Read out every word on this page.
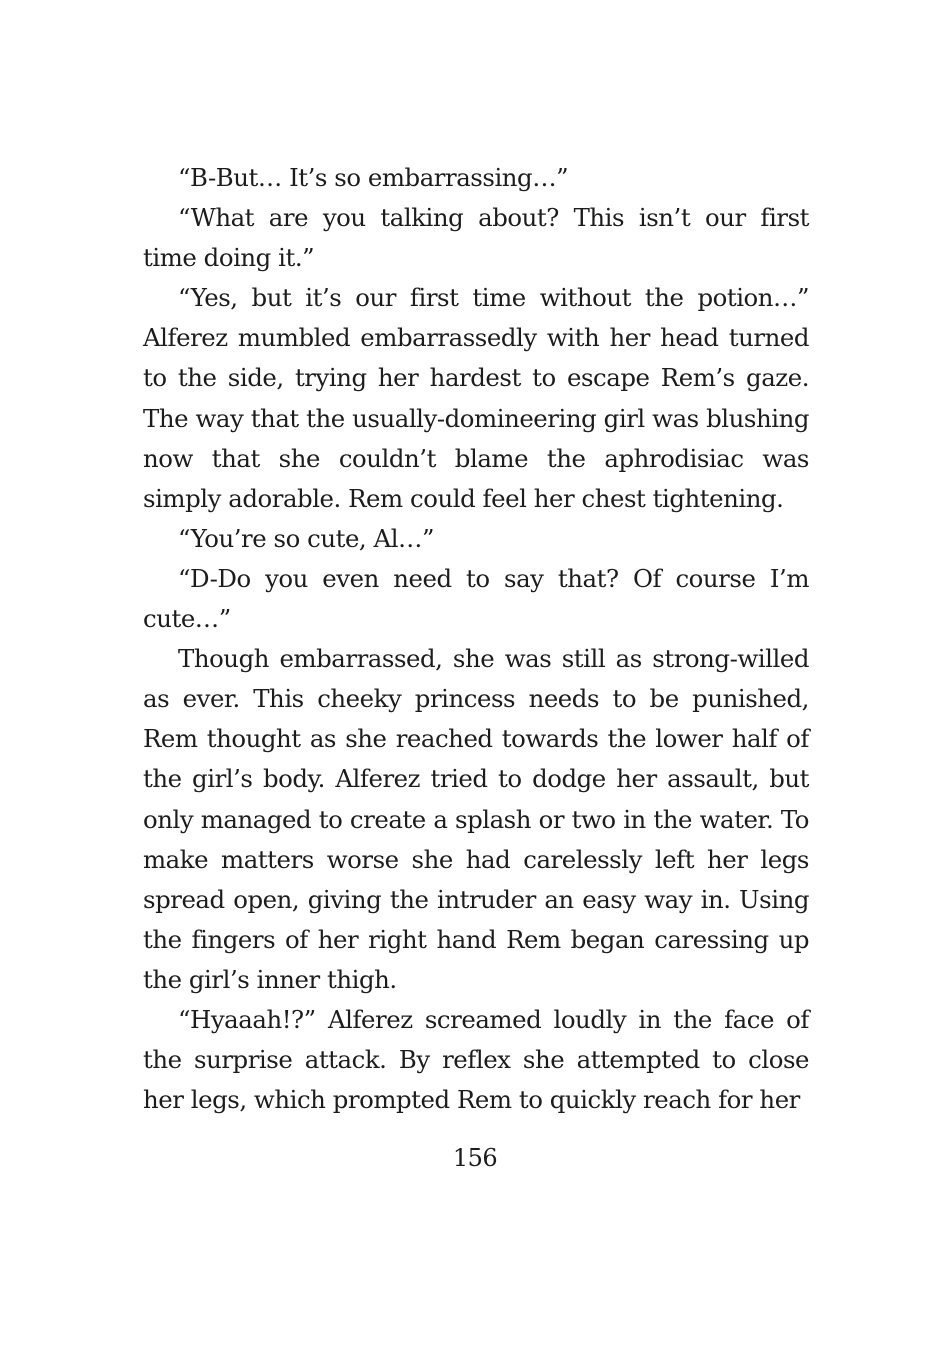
“B-But… It’s so embarrassing…”

“What are you talking about? This isn’t our first time doing it.”

“Yes, but it’s our first time without the potion…” Alferez mumbled embarrassedly with her head turned to the side, trying her hardest to escape Rem’s gaze. The way that the usually-domineering girl was blushing now that she couldn’t blame the aphrodisiac was simply adorable. Rem could feel her chest tightening.

“You’re so cute, Al…”

“D-Do you even need to say that? Of course I’m cute…”

Though embarrassed, she was still as strong-willed as ever. This cheeky princess needs to be punished, Rem thought as she reached towards the lower half of the girl’s body. Alferez tried to dodge her assault, but only managed to create a splash or two in the water. To make matters worse she had carelessly left her legs spread open, giving the intruder an easy way in. Using the fingers of her right hand Rem began caressing up the girl’s inner thigh.

“Hyaaah!?” Alferez screamed loudly in the face of the surprise attack. By reflex she attempted to close her legs, which prompted Rem to quickly reach for her

156
